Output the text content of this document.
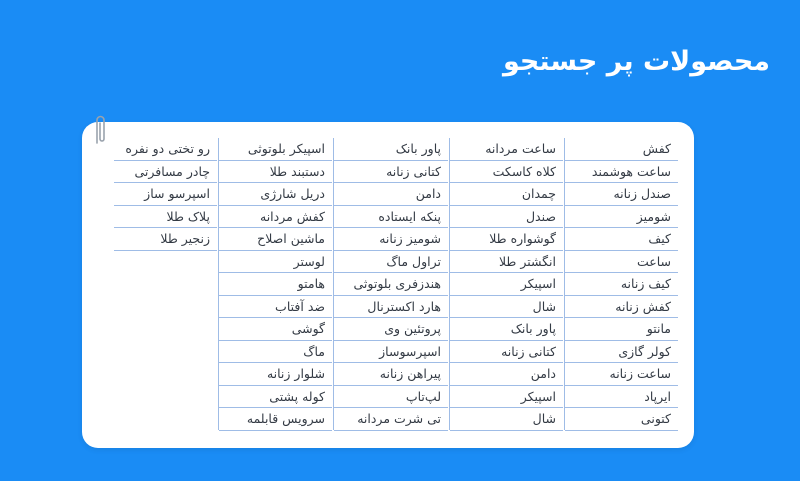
محصولات پر جستجو
کفش
ساعت هوشمند
صندل زنانه
شومیز
کیف
ساعت
کیف زنانه
کفش زنانه
مانتو
کولر گازی
ساعت زنانه
ایرپاد
کتونی
ساعت مردانه
کلاه کاسکت
چمدان
صندل
گوشواره طلا
انگشتر طلا
اسپیکر
شال
پاور بانک
کتانی زنانه
دامن
اسپیکر
شال
پاور بانک
کتانی زنانه
دامن
پنکه ایستاده
شومیز زنانه
تراول ماگ
هندزفری بلوتوثی
هارد اکسترنال
پروتئین وی
اسپرسوساز
پیراهن زنانه
لپ‌تاپ
تی شرت مردانه
اسپیکر بلوتوثی
دستبند طلا
دریل شارژی
کفش مردانه
ماشین اصلاح
لوستر
هامتو
ضد آفتاب
گوشی
ماگ
شلوار زنانه
کوله پشتی
سرویس قابلمه
رو تختی دو نفره
چادر مسافرتی
اسپرسو ساز
پلاک طلا
زنجیر طلا
